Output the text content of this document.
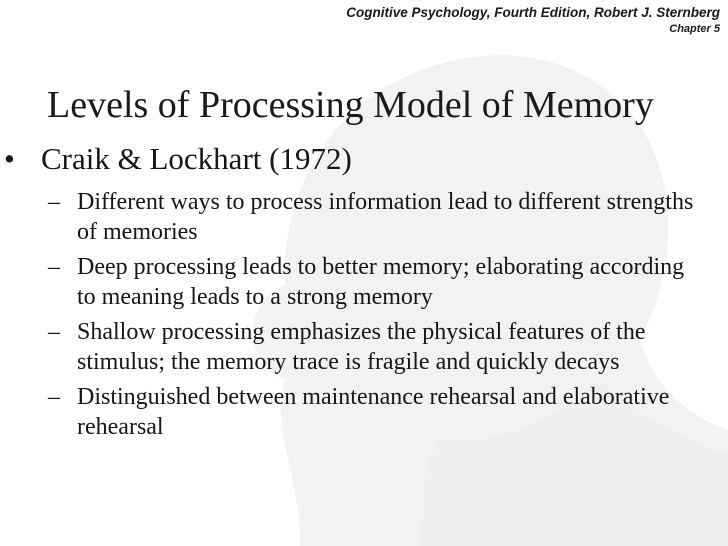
Cognitive Psychology, Fourth Edition, Robert J. Sternberg
Chapter 5
Levels of Processing Model of Memory
• Craik & Lockhart (1972)
– Different ways to process information lead to different strengths of memories
– Deep processing leads to better memory; elaborating according to meaning leads to a strong memory
– Shallow processing emphasizes the physical features of the stimulus; the memory trace is fragile and quickly decays
– Distinguished between maintenance rehearsal and elaborative rehearsal
